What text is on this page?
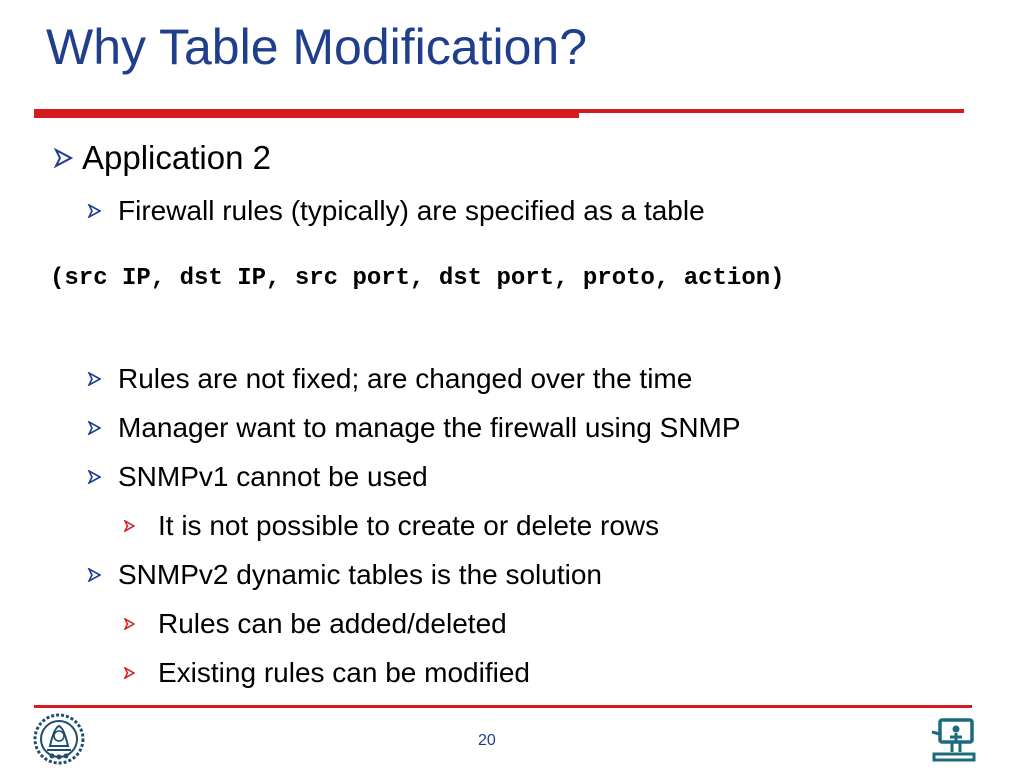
Why Table Modification?
Application 2
Firewall rules (typically) are specified as a table
(src IP, dst IP, src port, dst port, proto, action)
Rules are not fixed; are changed over the time
Manager want to manage the firewall using SNMP
SNMPv1 cannot be used
It is not possible to create or delete rows
SNMPv2 dynamic tables is the solution
Rules can be added/deleted
Existing rules can be modified
20
